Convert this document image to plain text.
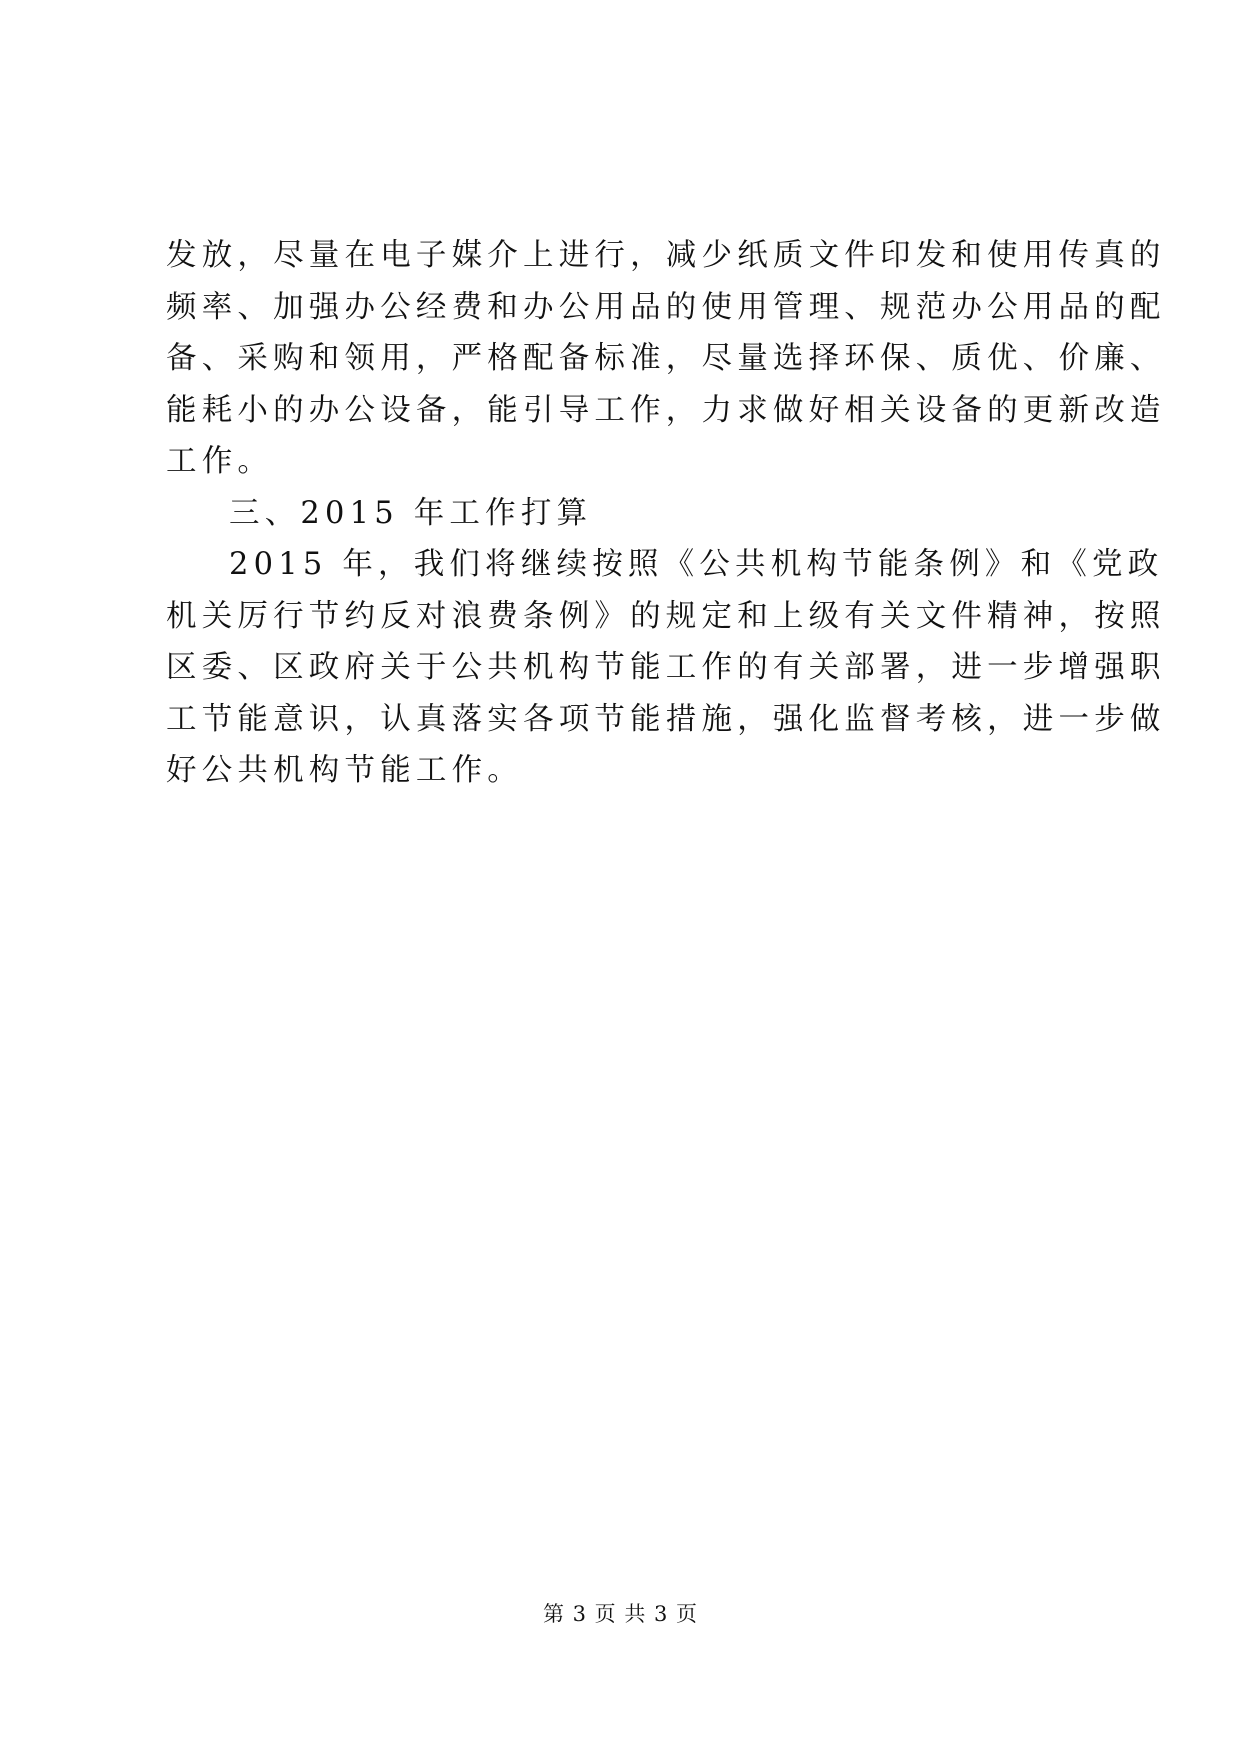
发放，尽量在电子媒介上进行，减少纸质文件印发和使用传真的
频率、加强办公经费和办公用品的使用管理、规范办公用品的配
备、采购和领用，严格配备标准，尽量选择环保、质优、价廉、
能耗小的办公设备，能引导工作，力求做好相关设备的更新改造
工作。
三、2015 年工作打算
2015 年，我们将继续按照《公共机构节能条例》和《党政
机关厉行节约反对浪费条例》的规定和上级有关文件精神，按照
区委、区政府关于公共机构节能工作的有关部署，进一步增强职
工节能意识，认真落实各项节能措施，强化监督考核，进一步做
好公共机构节能工作。
第 3 页 共 3 页
